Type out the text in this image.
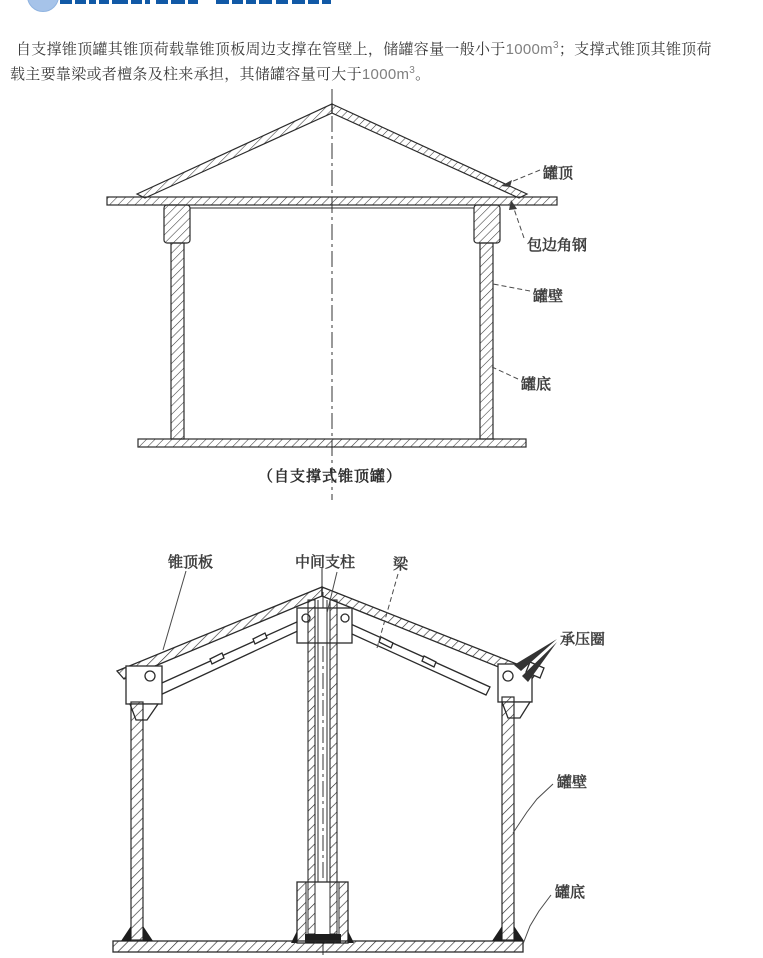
自支撑锥顶罐其锥顶荷载靠锥顶板周边支撑在管壁上，储罐容量一般小于$1000m^3$；支撑式锥顶其锥顶荷
载主要靠梁或者檀条及柱来承担，其储罐容量可大于$1000m^3$。

罐顶
包边角钢
罐壁
罐底
（自支撑式锥顶罐）
锥顶板	中间支柱	梁
承压圈
罐壁
罐底
